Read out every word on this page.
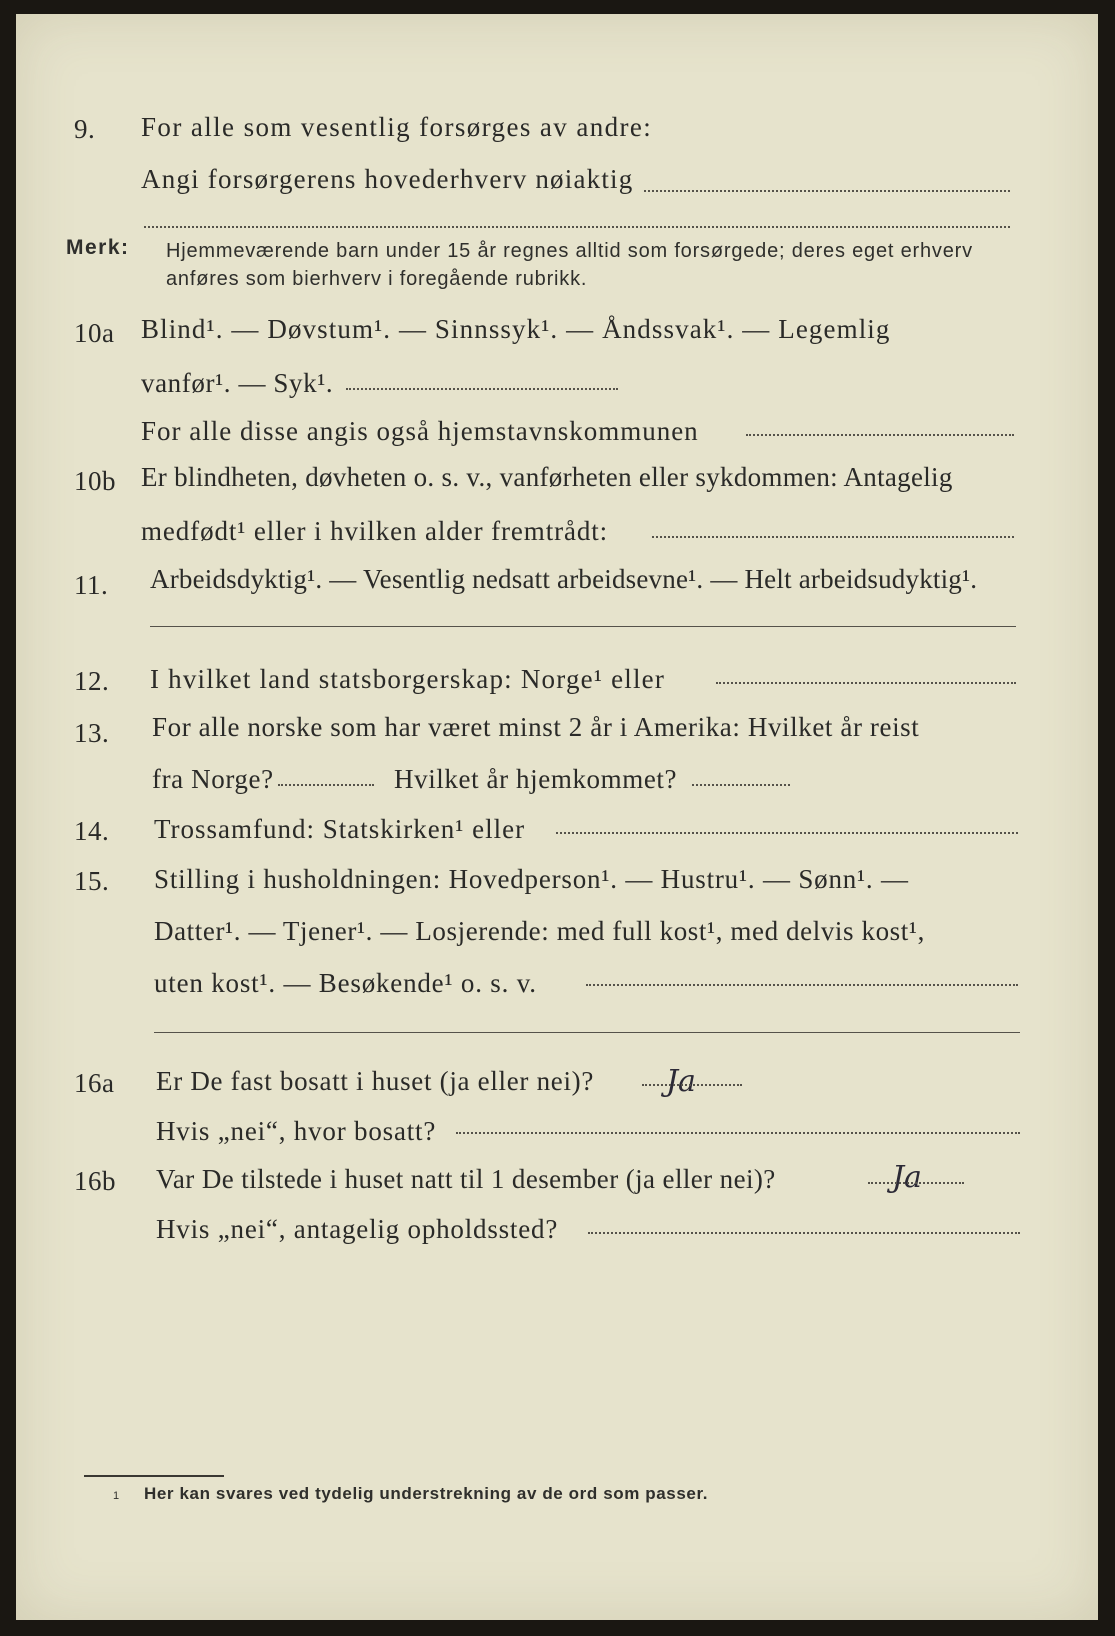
9. For alle som vesentlig forsørges av andre:
Angi forsørgerens hovederhverv nøiaktig
Merk: Hjemmeværende barn under 15 år regnes alltid som forsørgede; deres eget erhverv
anføres som bierhverv i foregående rubrikk.
10a Blind¹. — Døvstum¹. — Sinnssyk¹. — Åndssvak¹. — Legemlig
vanfør¹. — Syk¹.
For alle disse angis også hjemstavnskommunen
10b Er blindheten, døvheten o. s. v., vanførheten eller sykdommen: Antagelig
medfødt¹ eller i hvilken alder fremtrådt:
11. Arbeidsdyktig¹. — Vesentlig nedsatt arbeidsevne¹. — Helt arbeidsudyktig¹.
12. I hvilket land statsborgerskap: Norge¹ eller
13. For alle norske som har været minst 2 år i Amerika: Hvilket år reist
fra Norge?	Hvilket år hjemkommet?
14. Trossamfund: Statskirken¹ eller
15. Stilling i husholdningen: Hovedperson¹. — Hustru¹. — Sønn¹. —
Datter¹. — Tjener¹. — Losjerende: med full kost¹, med delvis kost¹,
uten kost¹. — Besøkende¹ o. s. v.
16a Er De fast bosatt i huset (ja eller nei)? Ja
Hvis „nei“, hvor bosatt?
16b Var De tilstede i huset natt til 1 desember (ja eller nei)?	Ja
Hvis „nei“, antagelig opholdssted?
1 Her kan svares ved tydelig understrekning av de ord som passer.
